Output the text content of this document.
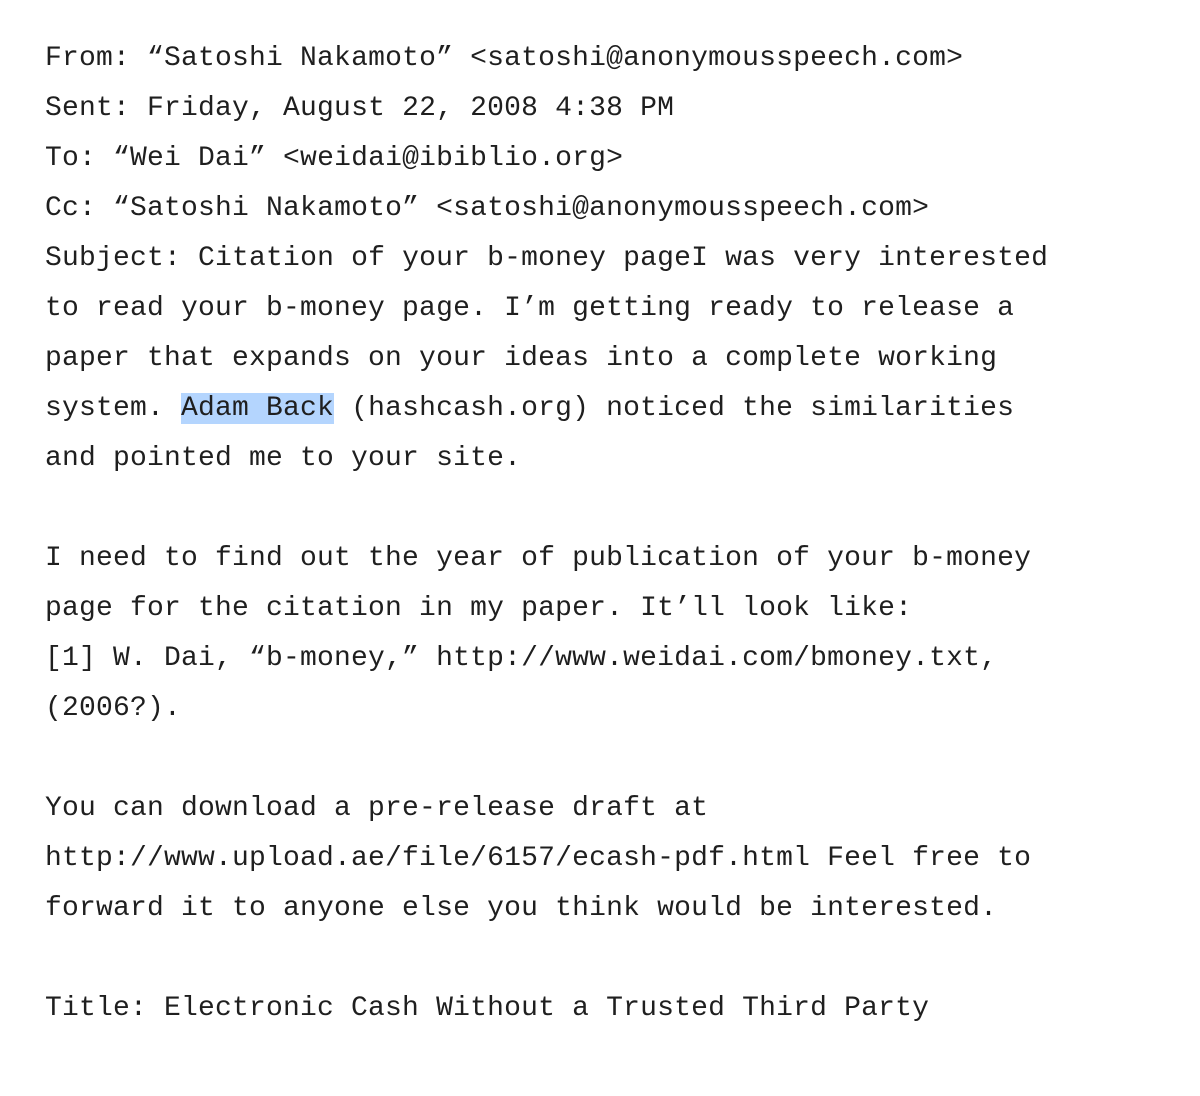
From: “Satoshi Nakamoto” <satoshi@anonymousspeech.com>
Sent: Friday, August 22, 2008 4:38 PM
To: “Wei Dai” <weidai@ibiblio.org>
Cc: “Satoshi Nakamoto” <satoshi@anonymousspeech.com>
Subject: Citation of your b-money pageI was very interested
to read your b-money page. I’m getting ready to release a
paper that expands on your ideas into a complete working
system. Adam Back (hashcash.org) noticed the similarities
and pointed me to your site.
I need to find out the year of publication of your b-money
page for the citation in my paper. It’ll look like:
[1] W. Dai, “b-money,” http://www.weidai.com/bmoney.txt,
(2006?).
You can download a pre-release draft at
http://www.upload.ae/file/6157/ecash-pdf.html Feel free to
forward it to anyone else you think would be interested.
Title: Electronic Cash Without a Trusted Third Party
